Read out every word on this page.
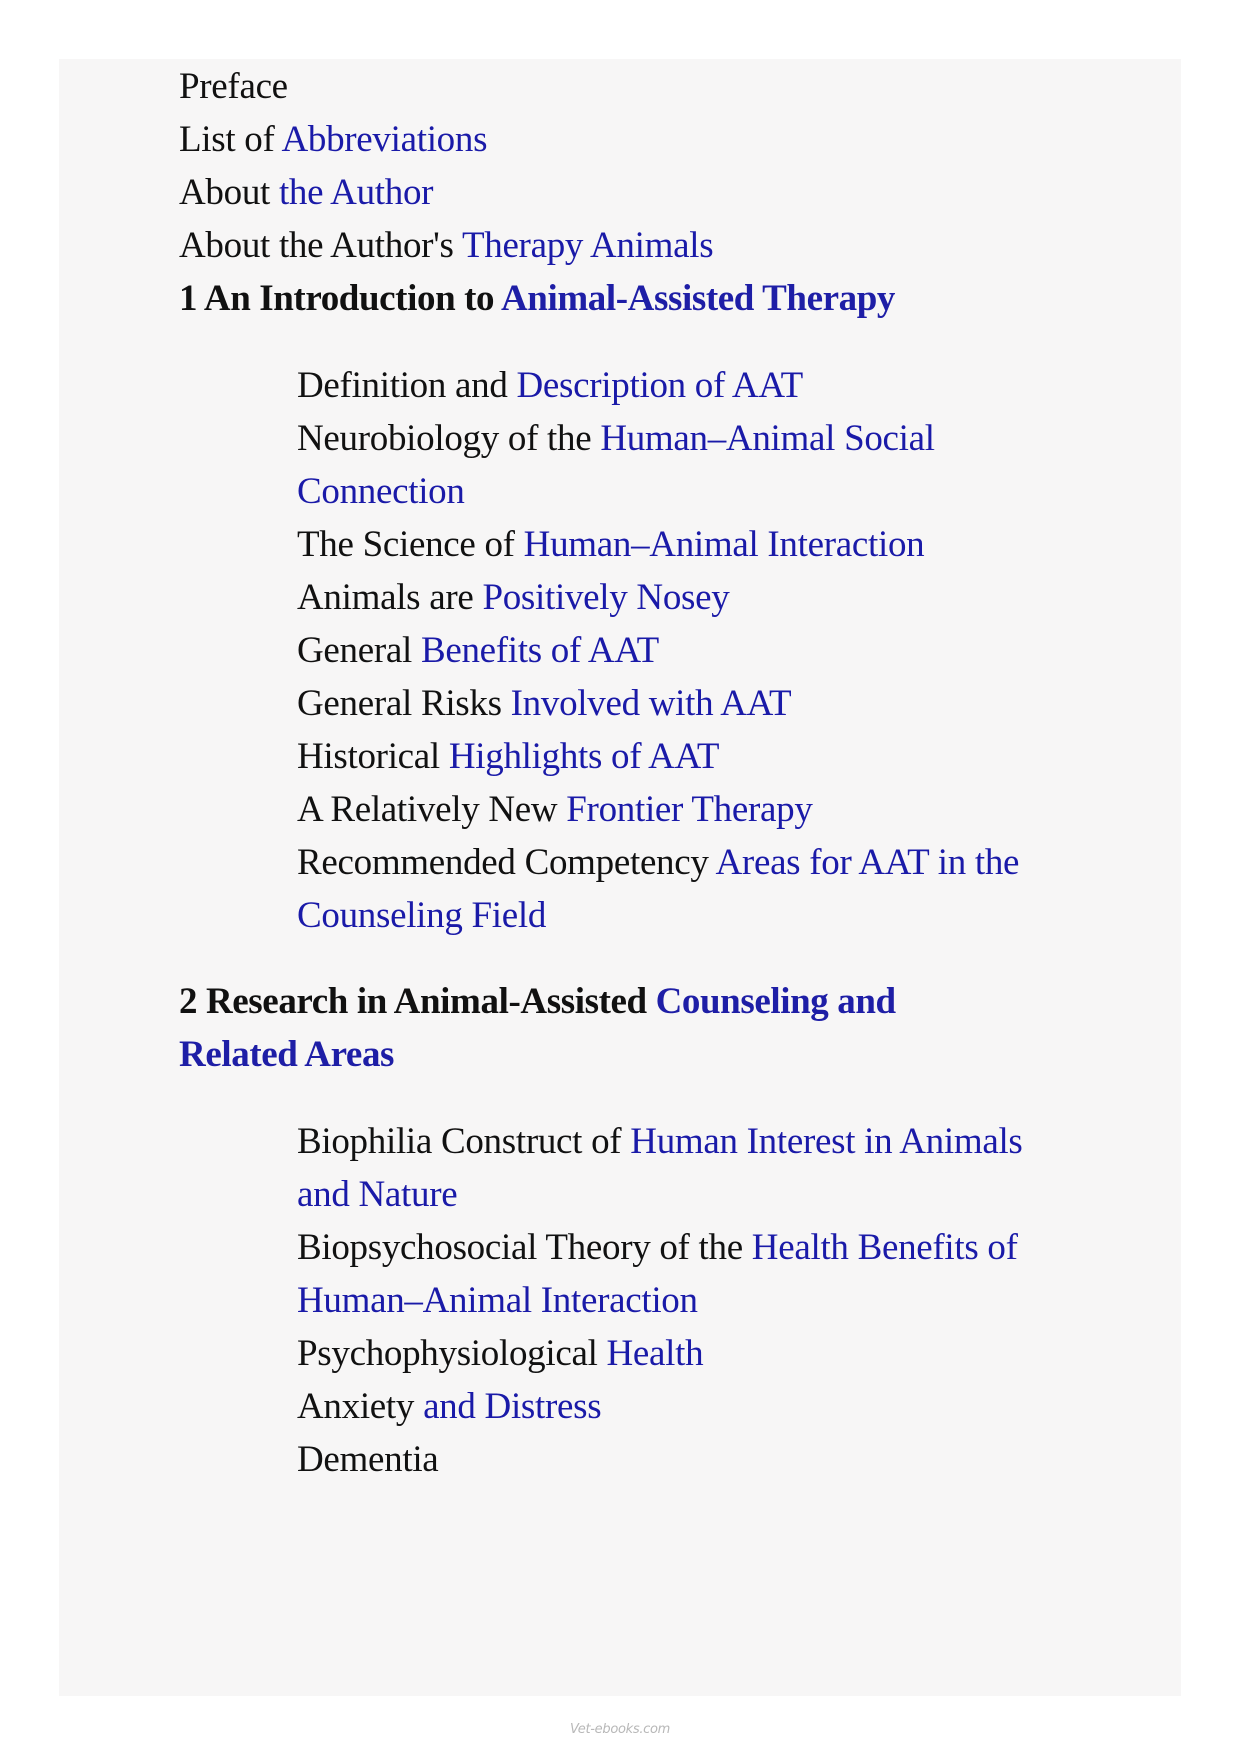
Preface

List of Abbreviations

About the Author

About the Author's Therapy Animals

1 An Introduction to Animal-Assisted Therapy

Definition and Description of AAT

Neurobiology of the Human–Animal Social

Connection

The Science of Human–Animal Interaction

Animals are Positively Nosey

General Benefits of AAT

General Risks Involved with AAT

Historical Highlights of AAT

A Relatively New Frontier Therapy

Recommended Competency Areas for AAT in the

Counseling Field

2 Research in Animal-Assisted Counseling and

Related Areas

Biophilia Construct of Human Interest in Animals

and Nature

Biopsychosocial Theory of the Health Benefits of

Human–Animal Interaction

Psychophysiological Health

Anxiety and Distress

Dementia

Vet-ebooks.com
